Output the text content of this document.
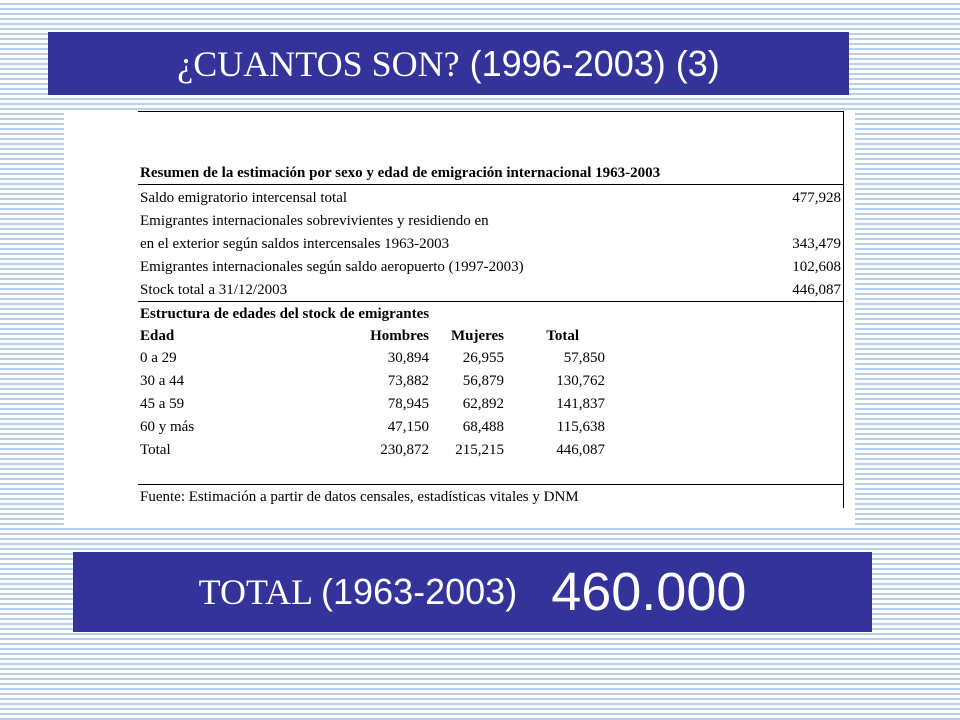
¿CUANTOS SON? (1996-2003) (3)
Resumen de la estimación por sexo y edad de emigración internacional 1963-2003
Saldo emigratorio intercensal total	477,928
Emigrantes internacionales sobrevivientes y residiendo en
en el exterior según saldos intercensales 1963-2003	343,479
Emigrantes internacionales según saldo aeropuerto (1997-2003)	102,608
Stock total a 31/12/2003	446,087
Estructura de edades del stock de emigrantes
Edad	Hombres Mujeres	Total
0 a 29	30,894 26,955	57,850
30 a 44	73,882 56,879	130,762
45 a 59	78,945 62,892	141,837
60 y más	47,150 68,488	115,638
Total	230,872 215,215	446,087
Fuente: Estimación a partir de datos censales, estadísticas vitales y DNM
TOTAL (1963-2003) 460.000
